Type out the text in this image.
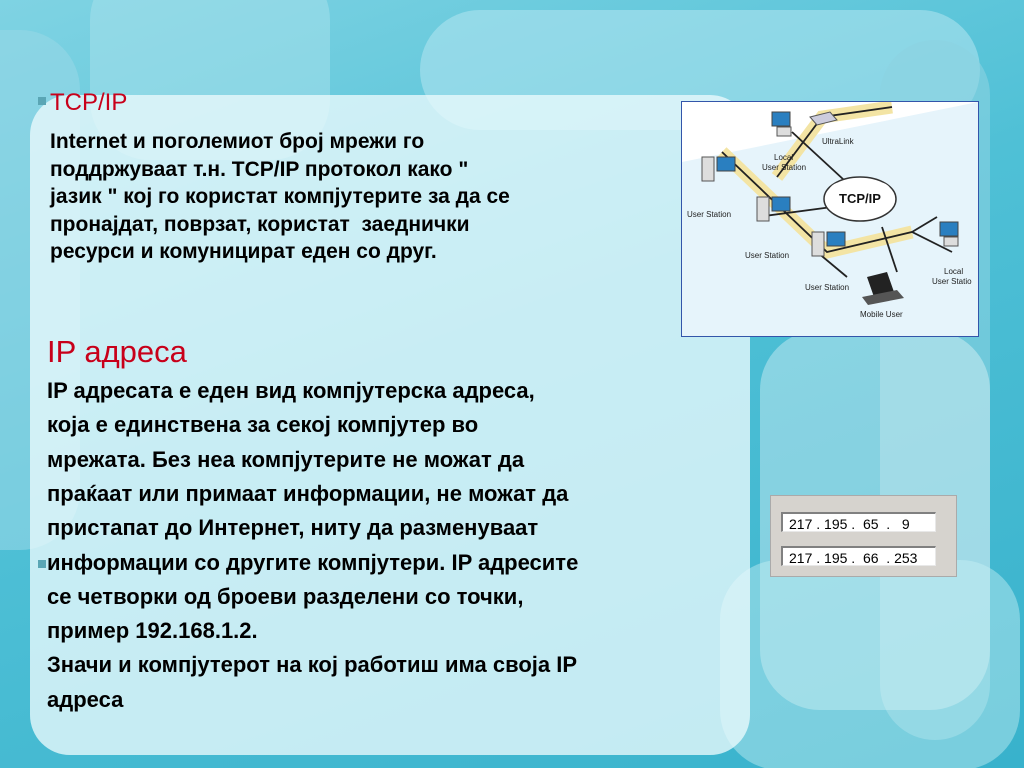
TCP/IP
Internet и поголемиот број мрежи го
поддржуваат т.н. TCP/IP протокол како "
јазик " кој го користат компјутерите за да се
пронајдат, поврзат, користат  заеднички
ресурси и комуницират еден со друг.
IP адреса
IP адресата е еден вид компјутерска адреса,
која е единствена за секој компјутер во
мрежата. Без неа компјутерите не можат да
праќаат или примаат информации, не можат да
пристапат до Интернет, ниту да разменуваат
информации со другите компјутери. IP адресите
се четворки од броеви разделени со точки,
пример 192.168.1.2.
Значи и компјутерот на кој работиш има своја IP
адреса
TCP/IP
UltraLink
User Station
User Station
User Station
Mobile User
Local User Station
Local User Statio
217 . 195 .  65  .   9
217 . 195 .  66  . 253
